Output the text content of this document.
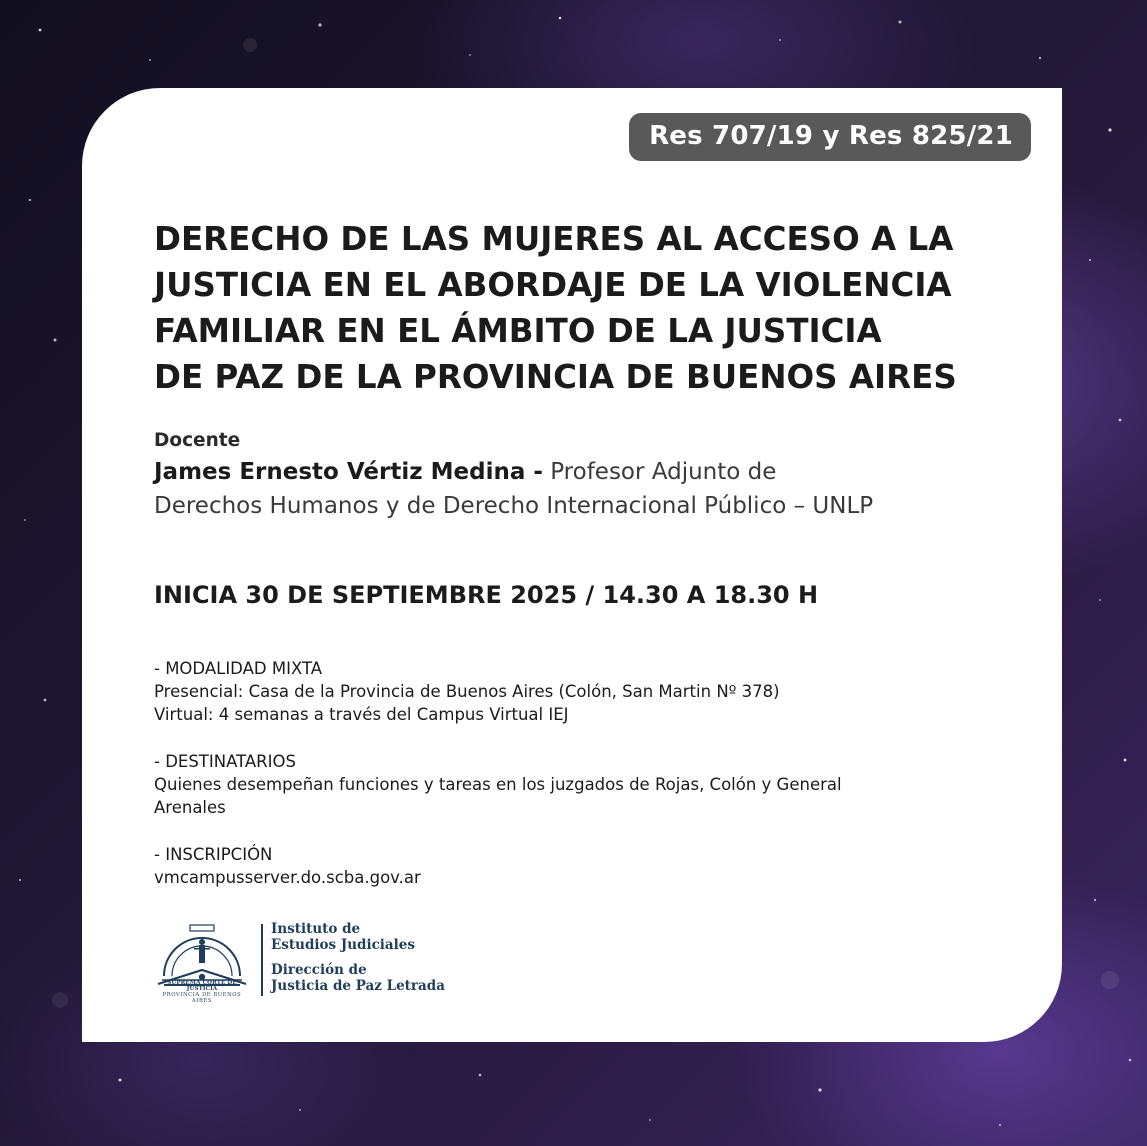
Res 707/19 y Res 825/21
DERECHO DE LAS MUJERES AL ACCESO A LA
JUSTICIA EN EL ABORDAJE DE LA VIOLENCIA
FAMILIAR EN EL ÁMBITO DE LA JUSTICIA
DE PAZ DE LA PROVINCIA DE BUENOS AIRES
Docente
James Ernesto Vértiz Medina - Profesor Adjunto de
Derechos Humanos y de Derecho Internacional Público – UNLP
INICIA 30 DE SEPTIEMBRE 2025 / 14.30 A 18.30 H
- MODALIDAD MIXTA
Presencial: Casa de la Provincia de Buenos Aires (Colón, San Martin Nº 378)
Virtual: 4 semanas a través del Campus Virtual IEJ
- DESTINATARIOS
Quienes desempeñan funciones y tareas en los juzgados de Rojas, Colón y General
Arenales
- INSCRIPCIÓN
vmcampusserver.do.scba.gov.ar
SUPREMA CORTE DE JUSTICIA
PROVINCIA DE BUENOS AIRES
Instituto de
Estudios Judiciales
Dirección de
Justicia de Paz Letrada
